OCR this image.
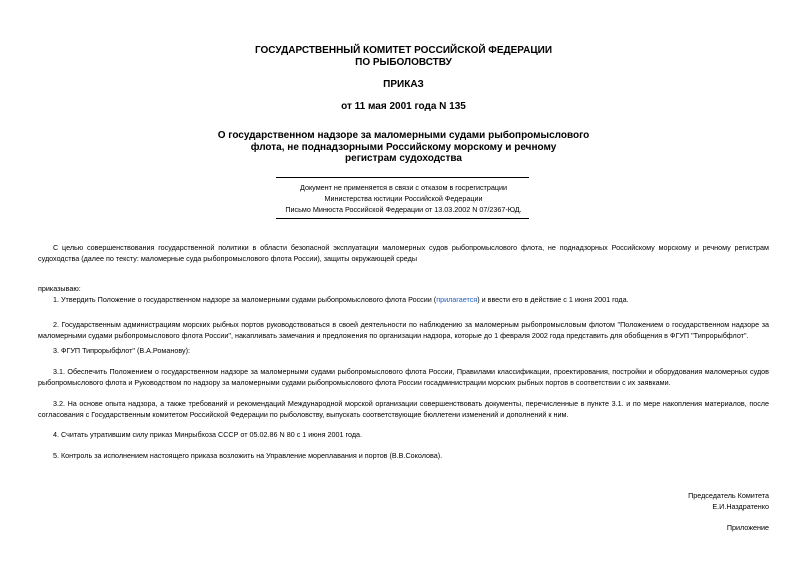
ГОСУДАРСТВЕННЫЙ КОМИТЕТ РОССИЙСКОЙ ФЕДЕРАЦИИ
ПО РЫБОЛОВСТВУ
ПРИКАЗ
от 11 мая 2001 года N 135
О государственном надзоре за маломерными судами рыбопромыслового
флота, не поднадзорными Российскому морскому и речному
регистрам судоходства
Документ не применяется в связи с отказом в госрегистрации
Министерства юстиции Российской Федерации
Письмо Минюста Российской Федерации от 13.03.2002 N 07/2367-ЮД.
С целью совершенствования государственной политики в области безопасной эксплуатации маломерных судов рыбопромыслового флота, не поднадзорных Российскому морскому и речному регистрам судоходства (далее по тексту: маломерные суда рыбопромыслового флота России), защиты окружающей среды
приказываю:
1. Утвердить Положение о государственном надзоре за маломерными судами рыбопромыслового флота России (прилагается) и ввести его в действие с 1 июня 2001 года.
2. Государственным администрациям морских рыбных портов руководствоваться в своей деятельности по наблюдению за маломерным рыбопромысловым флотом "Положением о государственном надзоре за маломерными судами рыбопромыслового флота России", накапливать замечания и предложения по организации надзора, которые до 1 февраля 2002 года представить для обобщения в ФГУП "Типрорыбфлот".
3. ФГУП Типрорыбфлот" (В.А.Романову):
3.1. Обеспечить Положением о государственном надзоре за маломерными судами рыбопромыслового флота России, Правилами классификации, проектирования, постройки и оборудования маломерных судов рыбопромыслового флота и Руководством по надзору за маломерными судами рыбопромыслового флота России госадминистрации морских рыбных портов в соответствии с их заявками.
3.2. На основе опыта надзора, а также требований и рекомендаций Международной морской организации совершенствовать документы, перечисленные в пункте 3.1. и по мере накопления материалов, после согласования с Государственным комитетом Российской Федерации по рыболовству, выпускать соответствующие бюллетени изменений и дополнений к ним.
4. Считать утратившим силу приказ Минрыбхоза СССР от 05.02.86 N 80 с 1 июня 2001 года.
5. Контроль за исполнением настоящего приказа возложить на Управление мореплавания и портов (В.В.Соколова).
Председатель Комитета
Е.И.Наздратенко
Приложение
